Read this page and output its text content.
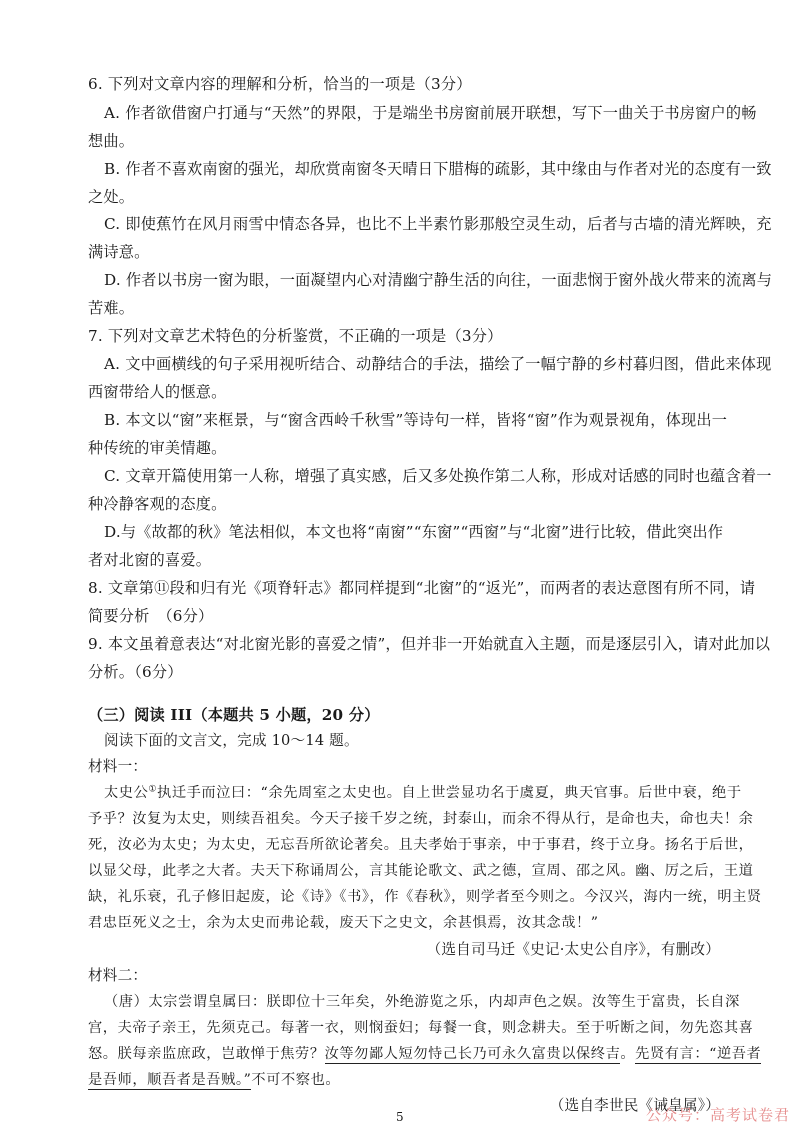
6. 下列对文章内容的理解和分析，恰当的一项是（3分）
A. 作者欲借窗户打通与“天然”的界限，于是端坐书房窗前展开联想，写下一曲关于书房窗户的畅
想曲。
B. 作者不喜欢南窗的强光，却欣赏南窗冬天晴日下腊梅的疏影，其中缘由与作者对光的态度有一致
之处。
C. 即使蕉竹在风月雨雪中情态各异，也比不上半素竹影那般空灵生动，后者与古墙的清光辉映，充
满诗意。
D. 作者以书房一窗为眼，一面凝望内心对清幽宁静生活的向往，一面悲悯于窗外战火带来的流离与
苦难。
7. 下列对文章艺术特色的分析鉴赏，不正确的一项是（3分）
A. 文中画横线的句子采用视听结合、动静结合的手法，描绘了一幅宁静的乡村暮归图，借此来体现
西窗带给人的惬意。
B. 本文以“窗”来框景，与“窗含西岭千秋雪”等诗句一样，皆将“窗”作为观景视角，体现出一
种传统的审美情趣。
C. 文章开篇使用第一人称，增强了真实感，后又多处换作第二人称，形成对话感的同时也蕴含着一
种冷静客观的态度。
D.与《故都的秋》笔法相似，本文也将“南窗”“东窗”“西窗”与“北窗”进行比较，借此突出作
者对北窗的喜爱。
8. 文章第⑪段和归有光《项脊轩志》都同样提到“北窗”的“返光”，而两者的表达意图有所不同，请
简要分析　（6分）
9. 本文虽着意表达“对北窗光影的喜爱之情”，但并非一开始就直入主题，而是逐层引入，请对此加以
分析。（6分）
（三）阅读 III（本题共 5 小题，20 分）
阅读下面的文言文，完成 10～14 题。
材料一：
太史公①执迁手而泣曰：“余先周室之太史也。自上世尝显功名于虞夏，典天官事。后世中衰，绝于
予乎？汝复为太史，则续吾祖矣。今天子接千岁之统，封泰山，而余不得从行，是命也夫，命也夫！余
死，汝必为太史；为太史，无忘吾所欲论著矣。且夫孝始于事亲，中于事君，终于立身。扬名于后世，
以显父母，此孝之大者。夫天下称诵周公，言其能论歌文、武之德，宣周、邵之风。幽、厉之后，王道
缺，礼乐衰，孔子修旧起废，论《诗》《书》，作《春秋》，则学者至今则之。今汉兴，海内一统，明主贤
君忠臣死义之士，余为太史而弗论载，废天下之史文，余甚惧焉，汝其念哉！”
（选自司马迁《史记·太史公自序》，有删改）
材料二：
（唐）太宗尝谓皇属曰：朕即位十三年矣，外绝游览之乐，内却声色之娱。汝等生于富贵，长自深
宫，夫帝子亲王，先须克己。每著一衣，则悯蚕妇；每餐一食，则念耕夫。至于听断之间，勿先恣其喜
怒。朕每亲监庶政，岂敢惮于焦劳？汝等勿鄙人短勿恃己长乃可永久富贵以保终吉。先贤有言：“逆吾者
是吾师，顺吾者是吾贼。”不可不察也。
（选自李世民《诫皇属》）
5	公众号：高考试卷君
